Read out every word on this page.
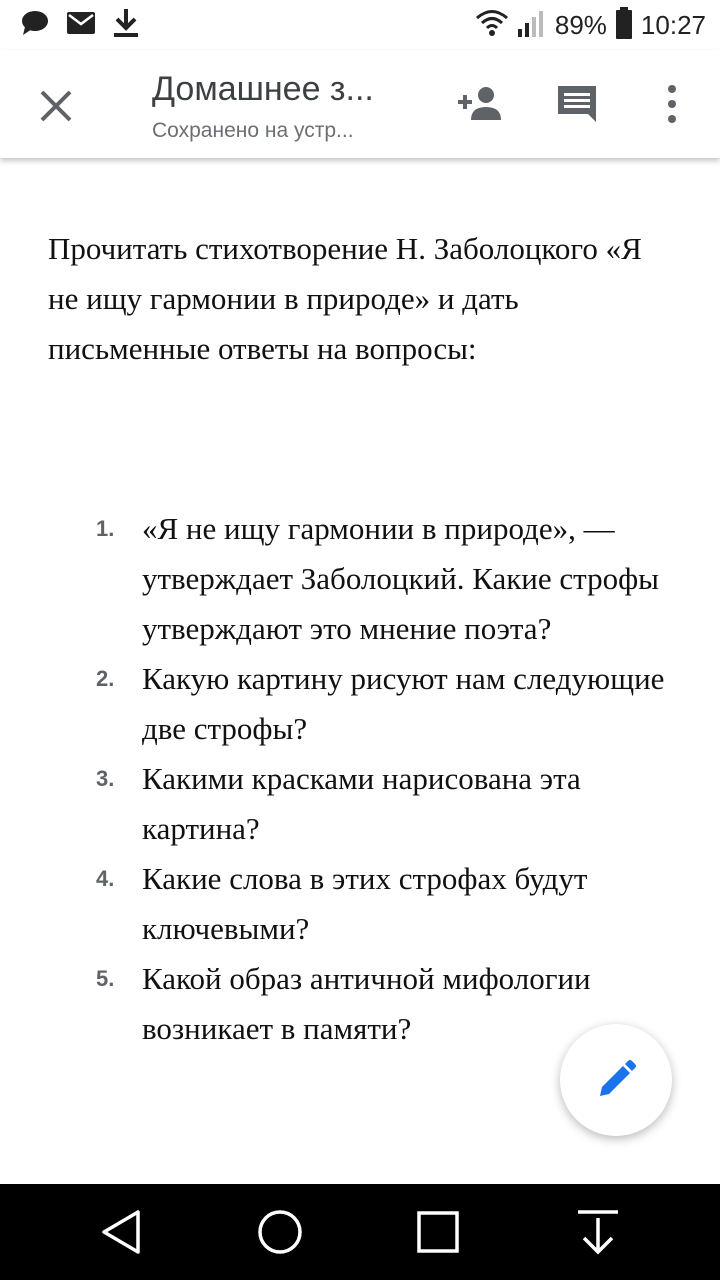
89% 10:27
Домашнее з...
Сохранено на устр...
Прочитать стихотворение Н. Заболоцкого «Я не ищу гармонии в природе» и дать письменные ответы на вопросы:
1. «Я не ищу гармонии в природе», — утверждает Заболоцкий. Какие строфы утверждают это мнение поэта?
2. Какую картину рисуют нам следующие две строфы?
3. Какими красками нарисована эта картина?
4. Какие слова в этих строфах будут ключевыми?
5. Какой образ античной мифологии возникает в памяти?
